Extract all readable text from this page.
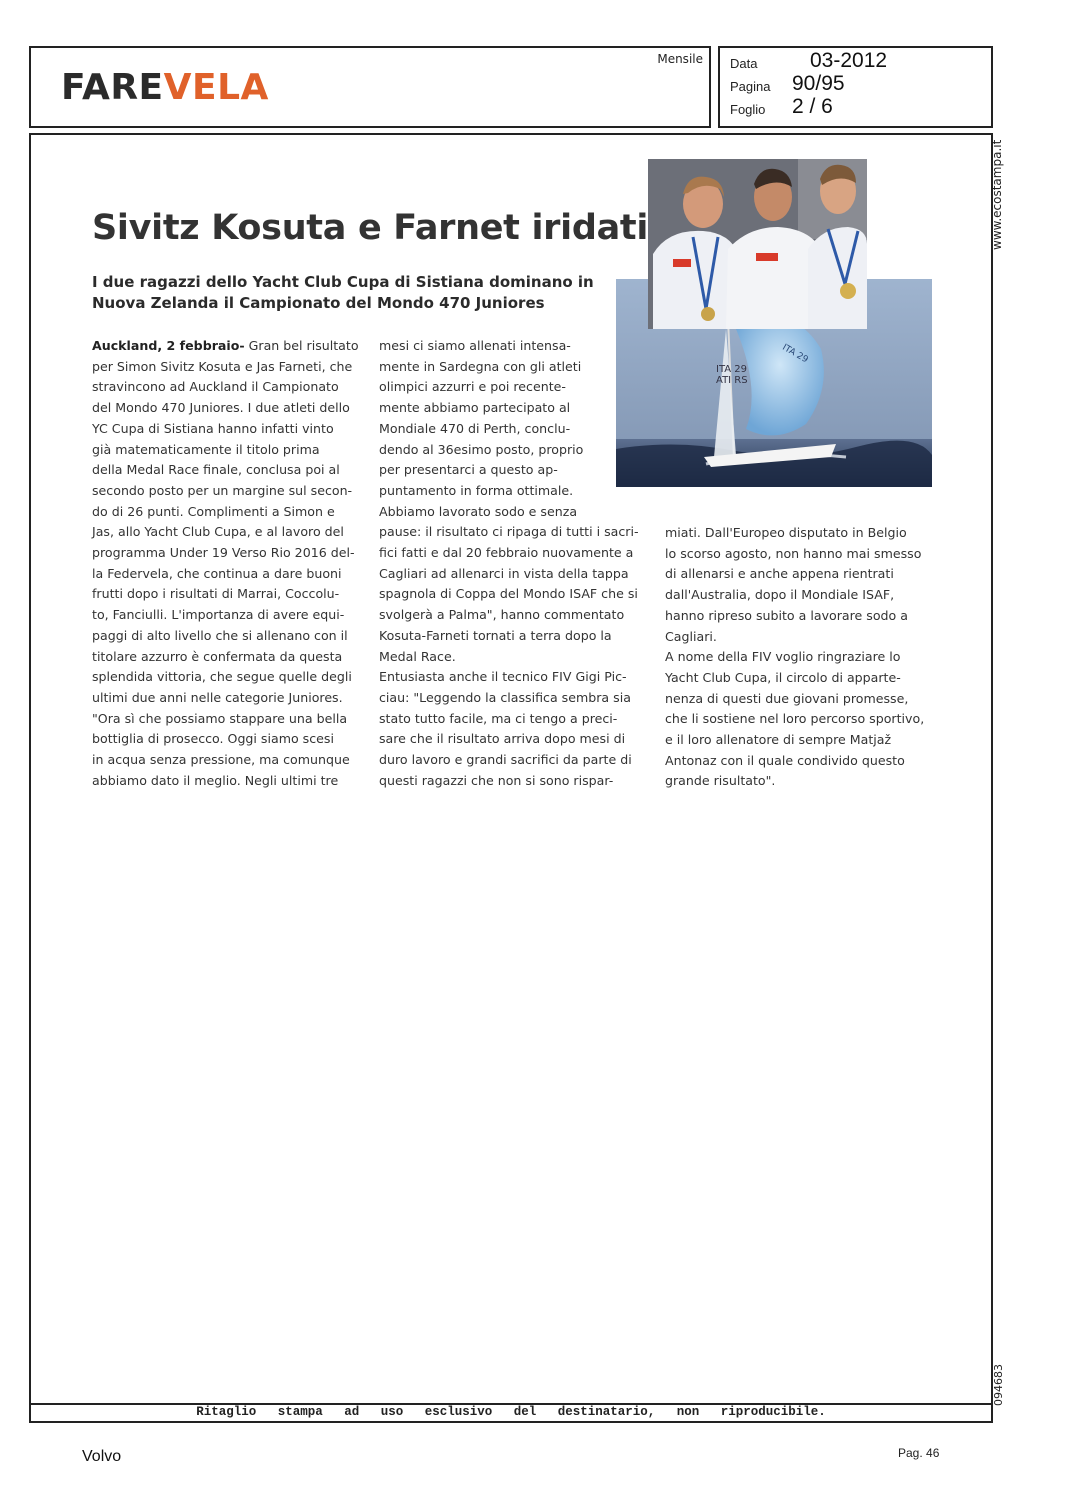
Mensile
FAREVELA
Data	03-2012
Pagina 90/95
Foglio 2 / 6
Ritaglio stampa ad uso esclusivo del destinatario, non riproducibile.
www.ecostampa.it
094683
ITA 29
ATI RS
ITA 29
Sivitz Kosuta e Farnet iridati
I due ragazzi dello Yacht Club Cupa di Sistiana dominano in Nuova Zelanda il Campionato del Mondo 470 Juniores
Auckland, 2 febbraio- Gran bel risultato
per Simon Sivitz Kosuta e Jas Farneti, che
stravincono ad Auckland il Campionato
del Mondo 470 Juniores. I due atleti dello
YC Cupa di Sistiana hanno infatti vinto
già matematicamente il titolo prima
della Medal Race finale, conclusa poi al
secondo posto per un margine sul secon-
do di 26 punti. Complimenti a Simon e
Jas, allo Yacht Club Cupa, e al lavoro del
programma Under 19 Verso Rio 2016 del-
la Federvela, che continua a dare buoni
frutti dopo i risultati di Marrai, Coccolu-
to, Fanciulli. L'importanza di avere equi-
paggi di alto livello che si allenano con il
titolare azzurro è confermata da questa
splendida vittoria, che segue quelle degli
ultimi due anni nelle categorie Juniores.
"Ora sì che possiamo stappare una bella
bottiglia di prosecco. Oggi siamo scesi
in acqua senza pressione, ma comunque
abbiamo dato il meglio. Negli ultimi tre
mesi ci siamo allenati intensa-
mente in Sardegna con gli atleti
olimpici azzurri e poi recente-
mente abbiamo partecipato al
Mondiale 470 di Perth, conclu-
dendo al 36esimo posto, proprio
per presentarci a questo ap-
puntamento in forma ottimale.
Abbiamo lavorato sodo e senza
pause: il risultato ci ripaga di tutti i sacri-
fici fatti e dal 20 febbraio nuovamente a
Cagliari ad allenarci in vista della tappa
spagnola di Coppa del Mondo ISAF che si
svolgerà a Palma", hanno commentato
Kosuta-Farneti tornati a terra dopo la
Medal Race.
Entusiasta anche il tecnico FIV Gigi Pic-
ciau: "Leggendo la classifica sembra sia
stato tutto facile, ma ci tengo a preci-
sare che il risultato arriva dopo mesi di
duro lavoro e grandi sacrifici da parte di
questi ragazzi che non si sono rispar-
miati. Dall'Europeo disputato in Belgio
lo scorso agosto, non hanno mai smesso
di allenarsi e anche appena rientrati
dall'Australia, dopo il Mondiale ISAF,
hanno ripreso subito a lavorare sodo a
Cagliari.
A nome della FIV voglio ringraziare lo
Yacht Club Cupa, il circolo di apparte-
nenza di questi due giovani promesse,
che li sostiene nel loro percorso sportivo,
e il loro allenatore di sempre Matjaž
Antonaz con il quale condivido questo
grande risultato".
Volvo	Pag. 46
